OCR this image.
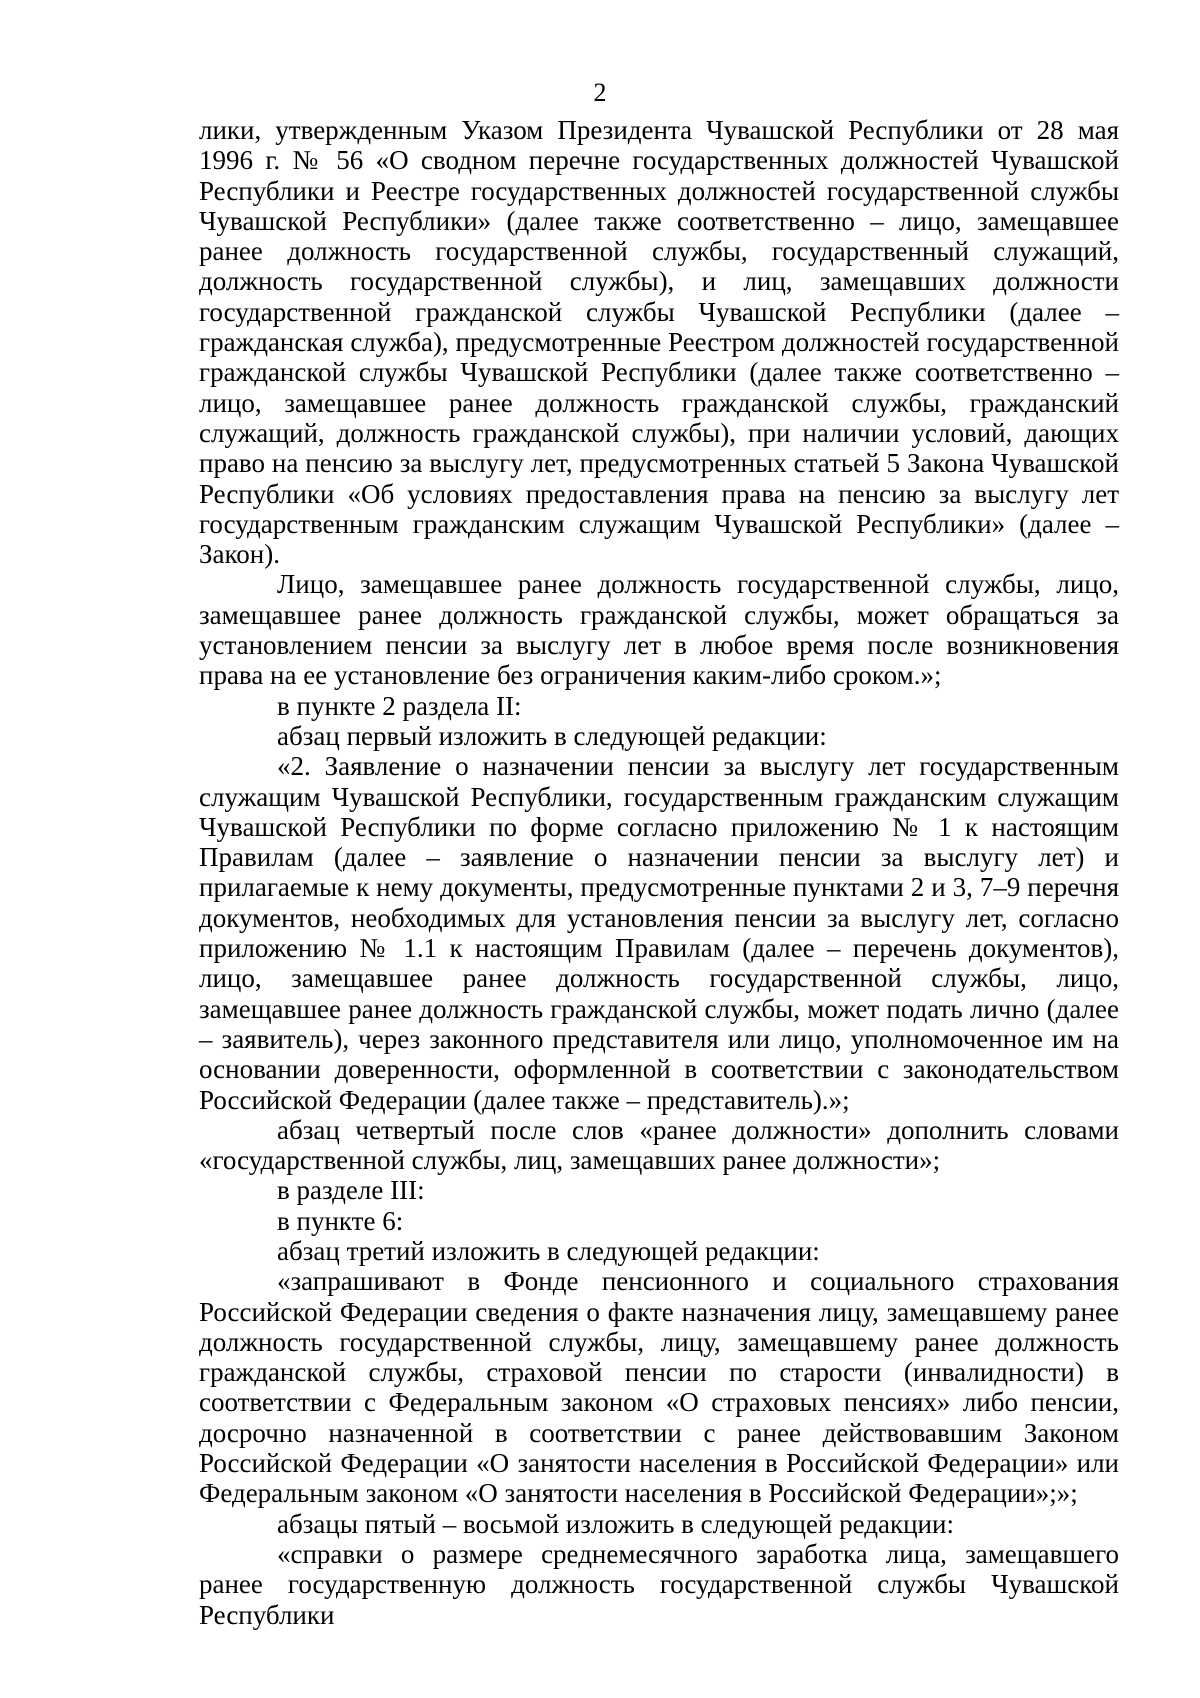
2

лики, утвержденным Указом Президента Чувашской Республики от 28 мая 1996 г. № 56 «О сводном перечне государственных должностей Чувашской Республики и Реестре государственных должностей государственной службы Чувашской Республики» (далее также соответственно – лицо, замещавшее ранее должность государственной службы, государственный служащий, должность государственной службы), и лиц, замещавших должности государственной гражданской службы Чувашской Республики (далее – гражданская служба), предусмотренные Реестром должностей государственной гражданской службы Чувашской Республики (далее также соответственно – лицо, замещавшее ранее должность гражданской службы, гражданский служащий, должность гражданской службы), при наличии условий, дающих право на пенсию за выслугу лет, предусмотренных статьей 5 Закона Чувашской Республики «Об условиях предоставления права на пенсию за выслугу лет государственным гражданским служащим Чувашской Республики» (далее – Закон).

Лицо, замещавшее ранее должность государственной службы, лицо, замещавшее ранее должность гражданской службы, может обращаться за установлением пенсии за выслугу лет в любое время после возникновения права на ее установление без ограничения каким-либо сроком.»;

в пункте 2 раздела II:

абзац первый изложить в следующей редакции:

«2. Заявление о назначении пенсии за выслугу лет государственным служащим Чувашской Республики, государственным гражданским служащим Чувашской Республики по форме согласно приложению № 1 к настоящим Правилам (далее – заявление о назначении пенсии за выслугу лет) и прилагаемые к нему документы, предусмотренные пунктами 2 и 3, 7–9 перечня документов, необходимых для установления пенсии за выслугу лет, согласно приложению № 1.1 к настоящим Правилам (далее – перечень документов), лицо, замещавшее ранее должность государственной службы, лицо, замещавшее ранее должность гражданской службы, может подать лично (далее – заявитель), через законного представителя или лицо, уполномоченное им на основании доверенности, оформленной в соответствии с законодательством Российской Федерации (далее также – представитель).»;

абзац четвертый после слов «ранее должности» дополнить словами «государственной службы, лиц, замещавших ранее должности»;

в разделе III:

в пункте 6:

абзац третий изложить в следующей редакции:

«запрашивают в Фонде пенсионного и социального страхования Российской Федерации сведения о факте назначения лицу, замещавшему ранее должность государственной службы, лицу, замещавшему ранее должность гражданской службы, страховой пенсии по старости (инвалидности) в соответствии с Федеральным законом «О страховых пенсиях» либо пенсии, досрочно назначенной в соответствии с ранее действовавшим Законом Российской Федерации «О занятости населения в Российской Федерации» или Федеральным законом «О занятости населения в Российской Федерации»;»;

абзацы пятый – восьмой изложить в следующей редакции:

«справки о размере среднемесячного заработка лица, замещавшего ранее государственную должность государственной службы Чувашской Республики
